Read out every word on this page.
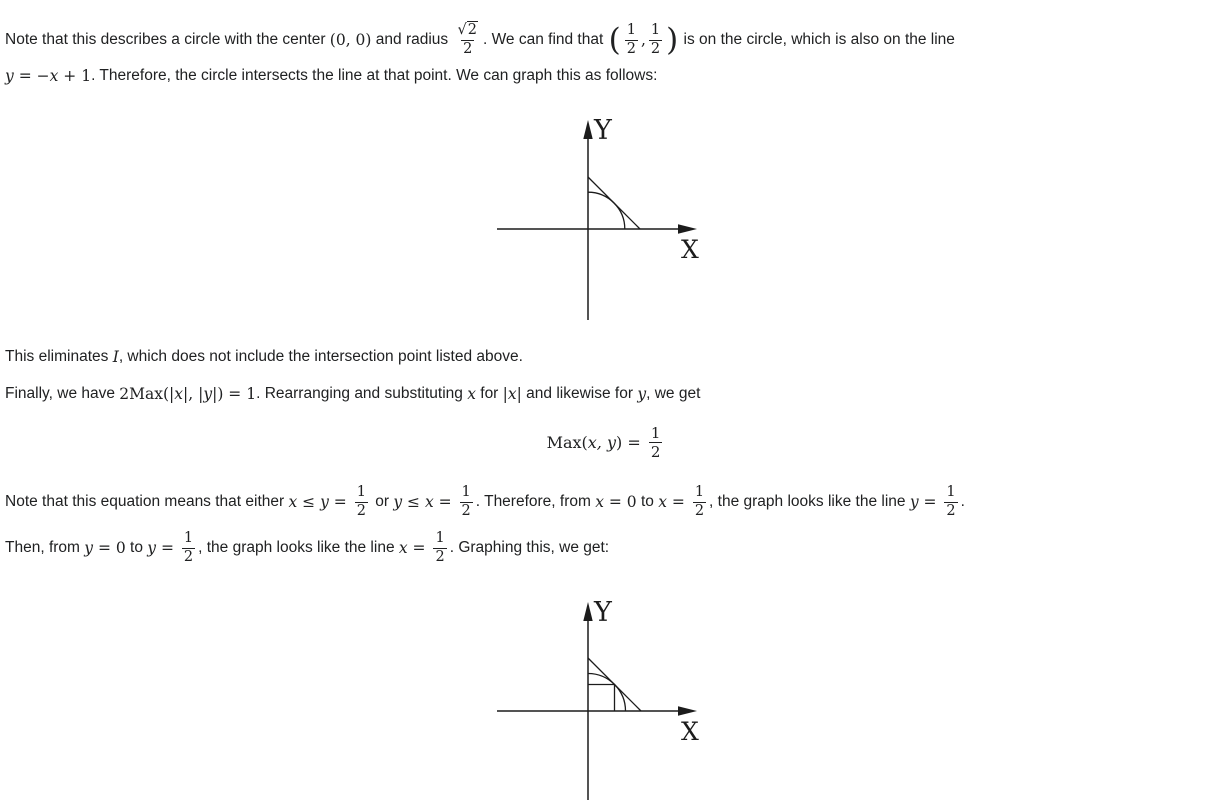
Note that this describes a circle with the center (0, 0) and radius $\frac{√2}{2}$ . We can find that ( $\frac{1}{2}$ , $\frac{1}{2}$ ) is on the circle, which is also on the line
y = − x + 1 . Therefore, the circle intersects the line at that point. We can graph this as follows:
Y
X
This eliminates I , which does not include the intersection point listed above.
Finally, we have 2Max(| x |, | y |) = 1 . Rearranging and substituting x for | x | and likewise for y , we get
Max( x, y ) = $\frac{1}{2}$
Note that this equation means that either $x \le y = \frac{1}{2}$ or $y \le x = \frac{1}{2}$ . Therefore, from x = 0 to $x = \frac{1}{2}$ , the graph looks like the line $y = \frac{1}{2}$ .
Then, from y = 0 to $y = \frac{1}{2}$ , the graph looks like the line $x = \frac{1}{2}$ . Graphing this, we get:
Y
X
